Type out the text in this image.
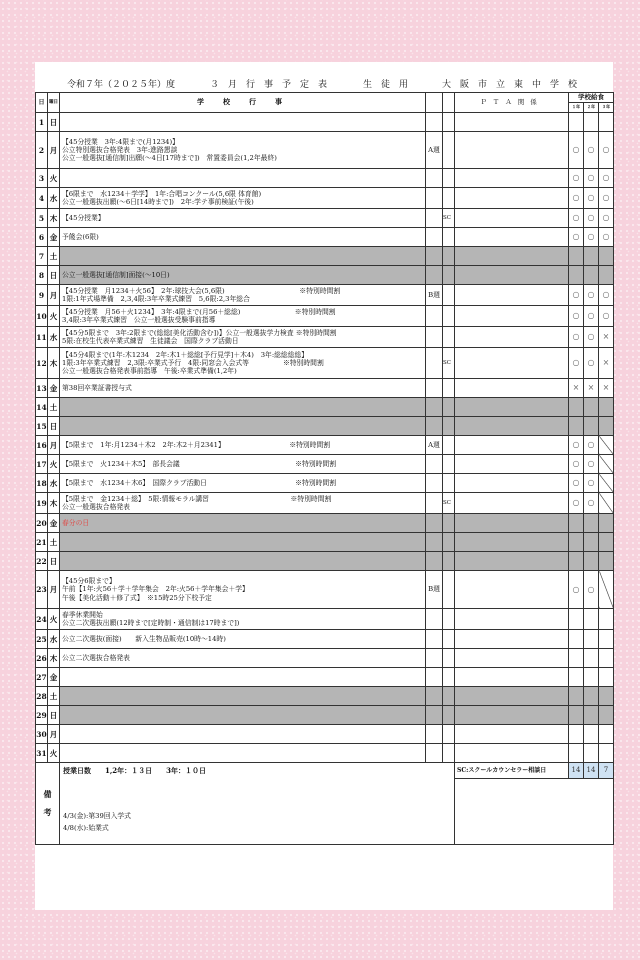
令和７年（２０２５年）度	３　月　行　事　予　定　表	生　徒　用	大　阪　市　立　東　中　学　校
日	曜日	学　校　行　事			ＰＴＡ関係	学校給食		
						１年	２年	３年
1	日							
2	月	【45分授業　3年:4限まで(月1234)】
公立特別選抜合格発表　3年:進路懇談
公立一般選抜[通信制]出願(～4日[17時まで])　常置委員会(1,2年最終)	A週			○	○	○
3	火					○	○	○
4	水	【6限まで　水1234＋学学】　1年:合唱コンクール(5,6限 体育館)
公立一般選抜出願(～6日[14時まで])　2年:学テ事前検証(午後)				○	○	○
5	木	【45分授業】		SC		○	○	○
6	金	予餞会(6限)				○	○	○
7	土							
8	日	公立一般選抜[通信制]面接(～10日)						

9	月	【45分授業　月1234＋火56】　2年:球技大会(5,6限)　　　　　　　　　　　※特別時間割
1限:1年式場準備　2,3,4限:3年卒業式練習　5,6限:2,3年総合	B週			○	○	○
10	火	【45分授業　月56＋火1234】　3年:4限まで(月56＋総総)　　　　　　　　※特別時間割
3,4限:3年卒業式練習　公立一般選抜受験事前指導				○	○	○
11	水	【45分5限まで　3年:2限まで(総総[美化活動含む])】公立一般選抜学力検査 ※特別時間割
5限:在校生代表卒業式練習　生徒議会　国際クラブ活動日				○	○	×
12	木	【45分4限まで(1年:木1234　2年:木1＋総総[予行見学]＋木4)　3年:総総総総】
1限:3年卒業式練習　2,3限:卒業式予行　4限:同窓会入会式等　　　　　※特別時間割
公立一般選抜合格発表事前指導　午後:卒業式準備(1,2年)		SC		○	○	×
13	金	第38回卒業証書授与式				×	×	×
14	土							
15	日							
16	月	【5限まで　1年:月1234＋木2　2年:木2＋月2341】　　　　　　　　　　※特別時間割	A週			○	○	
17	火	【5限まで　火1234＋木5】　部長会議　　　　　　　　　　　　　　　　　※特別時間割				○	○	
18	水	【5限まで　水1234＋木6】　国際クラブ活動日　　　　　　　　　　　　　※特別時間割				○	○	
19	木	【5限まで　金1234＋総】　5限:情報モラル講習　　　　　　　　　　　　※特別時間割
公立一般選抜合格発表		SC		○	○	
20	金	春分の日						

21	土							
22	日							
23	月	【45分6限まで】
午前【1年:火56＋学＋学年集会　2年:火56＋学年集会＋学】
午後【美化活動＋修了式】　※15時25分下校予定	B週			○	○	
24	火	春季休業開始
公立二次選抜出願(12時まで[定時制・通信制は17時まで])						

25	水	公立二次選抜(面接)　　新入生物品販売(10時～14時)						

26	木	公立二次選抜合格発表						

27	金							
28	土							
29	日							
30	月							
31	火							

備
考		授業日数　　1,2年：１３日　　3年：１０日			SC:スクールカウンセラー相談日	14	14	7
		4/3(金):第39回入学式						
		4/8(水):始業式						
